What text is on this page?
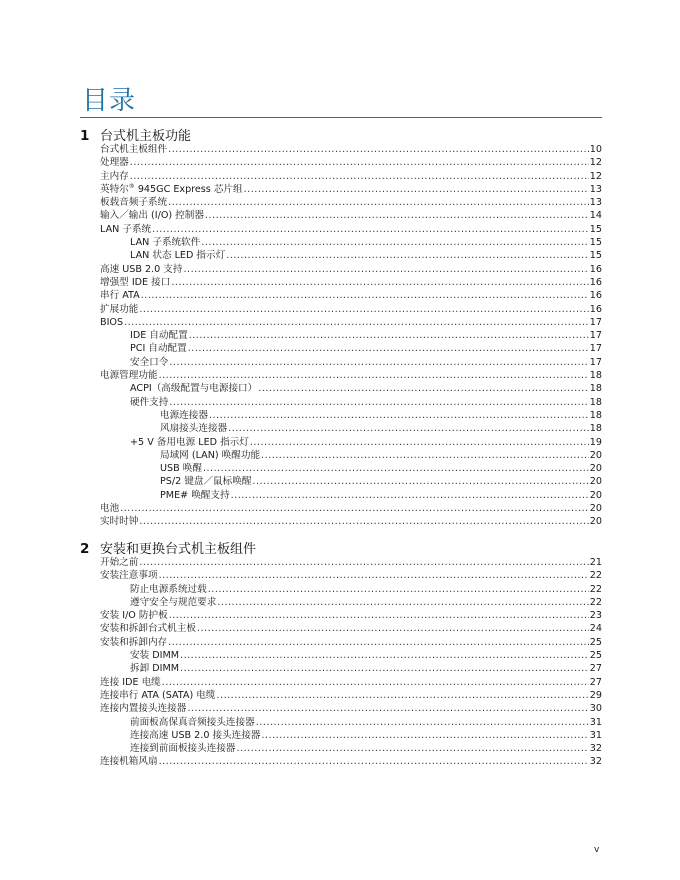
目录
1 台式机主板功能
台式机主板组件 .....	10
处理器 .....	12
主内存 .....	12
英特尔® 945GC Express 芯片组 .....	13
板载音频子系统 .....	13
输入／输出 (I/O) 控制器 .....	14
LAN 子系统 .....	15
LAN 子系统软件 .....	15
LAN 状态 LED 指示灯 .....	15
高速 USB 2.0 支持 .....	16
增强型 IDE 接口 .....	16
串行 ATA .....	16
扩展功能 .....	16
BIOS .....	17
IDE 自动配置 .....	17
PCI 自动配置 .....	17
安全口令 .....	17
电源管理功能 .....	18
ACPI（高级配置与电源接口） .....	18
硬件支持 .....	18
电源连接器 .....	18
风扇接头连接器 .....	18
+5 V 备用电源 LED 指示灯 .....	19
局域网 (LAN) 唤醒功能 .....	20
USB 唤醒 .....	20
PS/2 键盘／鼠标唤醒 .....	20
PME# 唤醒支持 .....	20
电池 .....	20
实时时钟 .....	20
2 安装和更换台式机主板组件
开始之前 .....	21
安装注意事项 .....	22
防止电源系统过载 .....	22
遵守安全与规范要求 .....	22
安装 I/O 防护板 .....	23
安装和拆卸台式机主板 .....	24
安装和拆卸内存 .....	25
安装 DIMM .....	25
拆卸 DIMM .....	27
连接 IDE 电缆 .....	27
连接串行 ATA (SATA) 电缆 .....	29
连接内置接头连接器 .....	30
前面板高保真音频接头连接器 .....	31
连接高速 USB 2.0 接头连接器 .....	31
连接到前面板接头连接器 .....	32
连接机箱风扇 .....	32
v
